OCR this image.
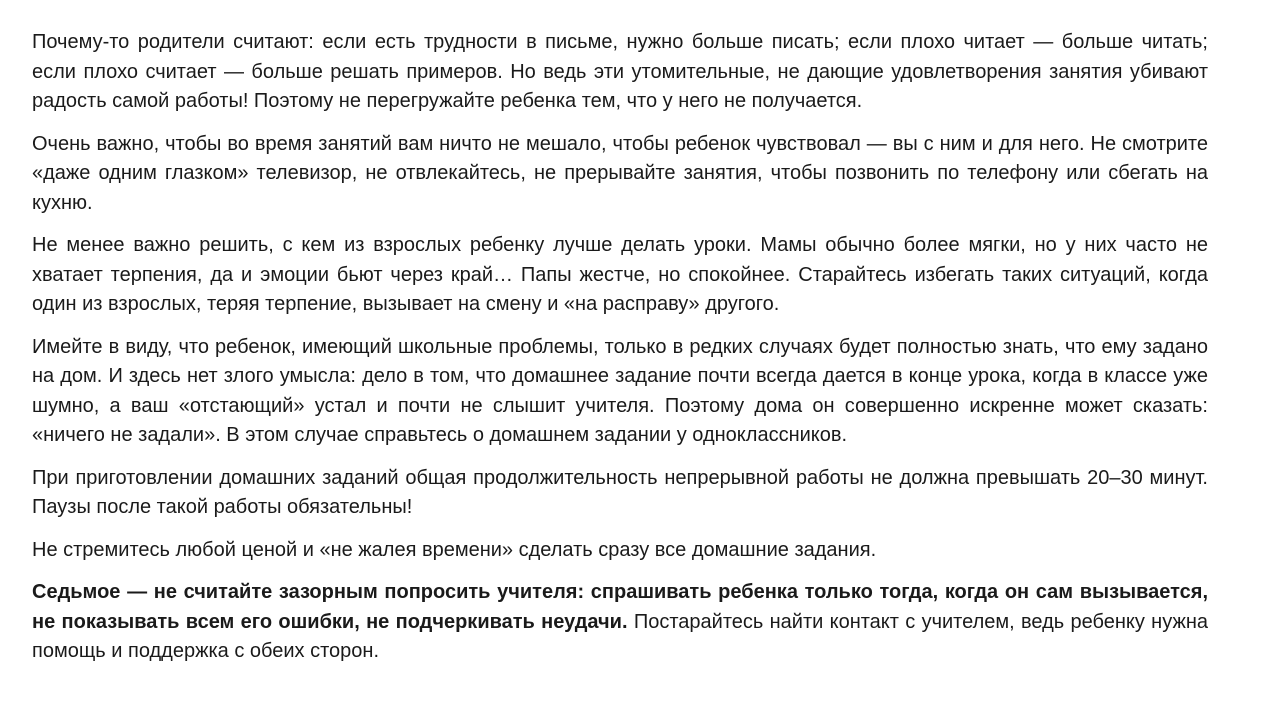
Почему-то родители считают: если есть трудности в письме, нужно больше писать; если плохо читает — больше читать; если плохо считает — больше решать примеров. Но ведь эти утомительные, не дающие удовлетворения занятия убивают радость самой работы! Поэтому не перегружайте ребенка тем, что у него не получается.

Очень важно, чтобы во время занятий вам ничто не мешало, чтобы ребенок чувствовал — вы с ним и для него. Не смотрите «даже одним глазком» телевизор, не отвлекайтесь, не прерывайте занятия, чтобы позвонить по телефону или сбегать на кухню.

Не менее важно решить, с кем из взрослых ребенку лучше делать уроки. Мамы обычно более мягки, но у них часто не хватает терпения, да и эмоции бьют через край… Папы жестче, но спокойнее. Старайтесь избегать таких ситуаций, когда один из взрослых, теряя терпение, вызывает на смену и «на расправу» другого.

Имейте в виду, что ребенок, имеющий школьные проблемы, только в редких случаях будет полностью знать, что ему задано на дом. И здесь нет злого умысла: дело в том, что домашнее задание почти всегда дается в конце урока, когда в классе уже шумно, а ваш «отстающий» устал и почти не слышит учителя. Поэтому дома он совершенно искренне может сказать: «ничего не задали». В этом случае справьтесь о домашнем задании у одноклассников.

При приготовлении домашних заданий общая продолжительность непрерывной работы не должна превышать 20–30 минут. Паузы после такой работы обязательны!

Не стремитесь любой ценой и «не жалея времени» сделать сразу все домашние задания.

Седьмое — не считайте зазорным попросить учителя: спрашивать ребенка только тогда, когда он сам вызывается, не показывать всем его ошибки, не подчеркивать неудачи. Постарайтесь найти контакт с учителем, ведь ребенку нужна помощь и поддержка с обеих сторон.
